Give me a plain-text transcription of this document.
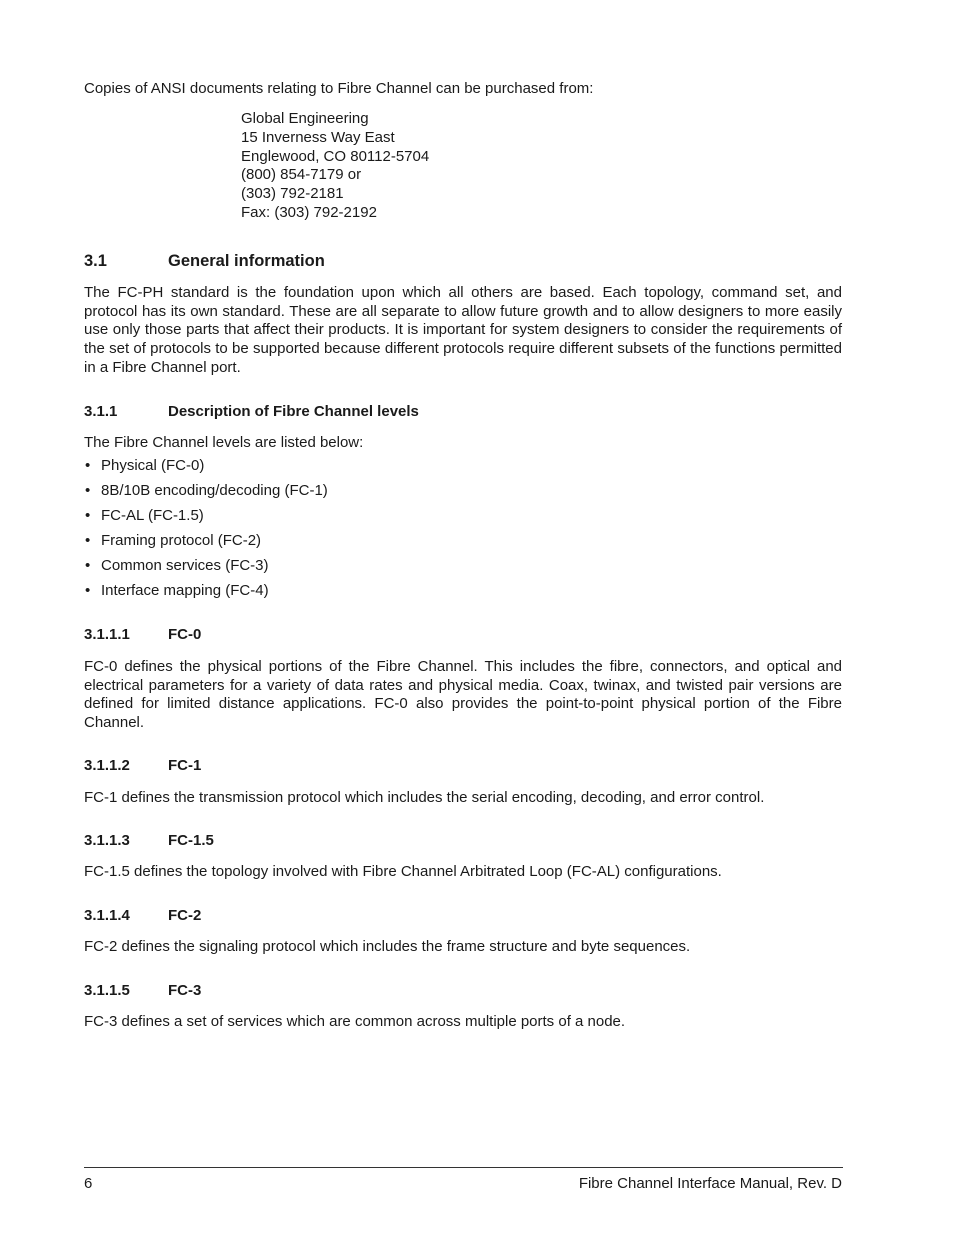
Copies of ANSI documents relating to Fibre Channel can be purchased from:

Global Engineering
15 Inverness Way East
Englewood, CO 80112-5704
(800) 854-7179 or
(303) 792-2181
Fax: (303) 792-2192
3.1	General information

The FC-PH standard is the foundation upon which all others are based. Each topology, command set, and protocol has its own standard. These are all separate to allow future growth and to allow designers to more easily use only those parts that affect their products. It is important for system designers to consider the requirements of the set of protocols to be supported because different protocols require different subsets of the functions permitted in a Fibre Channel port.

3.1.1	Description of Fibre Channel levels

The Fibre Channel levels are listed below:

• Physical (FC-0)
• 8B/10B encoding/decoding (FC-1)
• FC-AL (FC-1.5)
• Framing protocol (FC-2)
• Common services (FC-3)
• Interface mapping (FC-4)
3.1.1.1	FC-0

FC-0 defines the physical portions of the Fibre Channel. This includes the fibre, connectors, and optical and electrical parameters for a variety of data rates and physical media. Coax, twinax, and twisted pair versions are defined for limited distance applications. FC-0 also provides the point-to-point physical portion of the Fibre Channel.

3.1.1.2	FC-1

FC-1 defines the transmission protocol which includes the serial encoding, decoding, and error control.

3.1.1.3	FC-1.5

FC-1.5 defines the topology involved with Fibre Channel Arbitrated Loop (FC-AL) configurations.

3.1.1.4	FC-2

FC-2 defines the signaling protocol which includes the frame structure and byte sequences.

3.1.1.5	FC-3

FC-3 defines a set of services which are common across multiple ports of a node.

6	Fibre Channel Interface Manual, Rev. D
